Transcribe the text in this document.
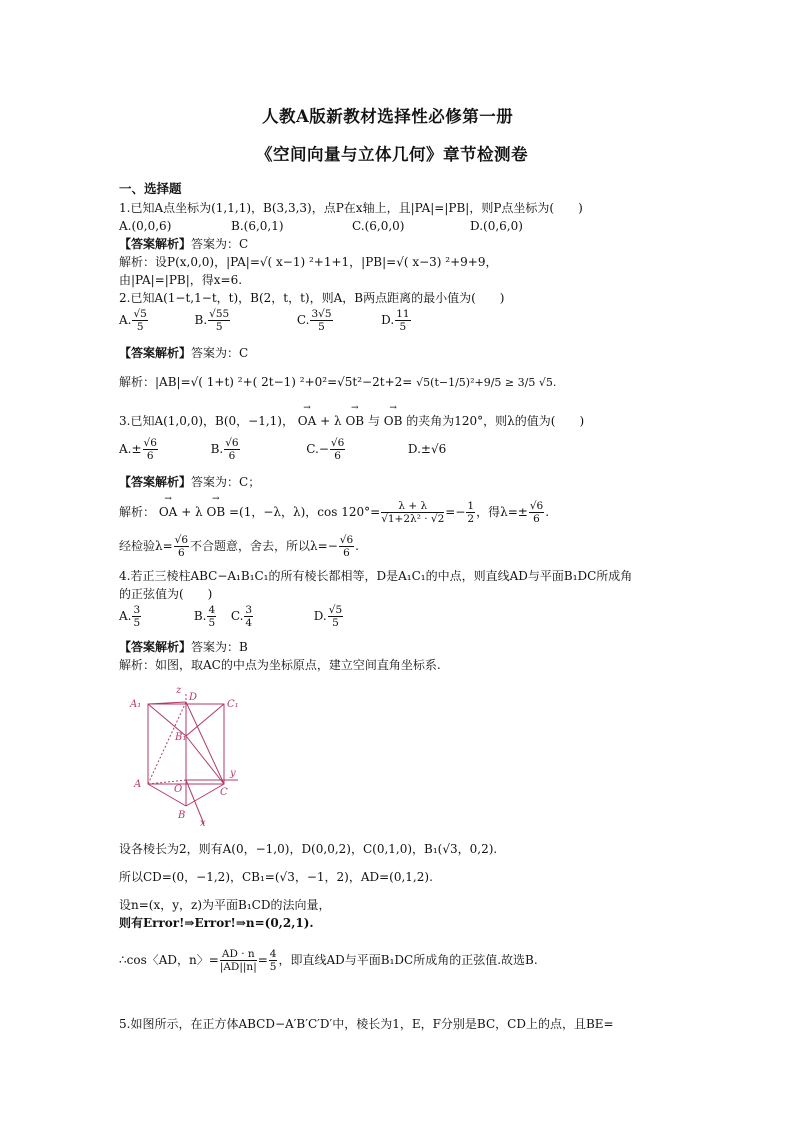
人教A版新教材选择性必修第一册
《空间向量与立体几何》章节检测卷
一、选择题
1.已知A点坐标为(1,1,1)，B(3,3,3)，点P在x轴上，且|PA|=|PB|，则P点坐标为(　　)
A.(0,0,6)	B.(6,0,1)	C.(6,0,0)	D.(0,6,0)
【答案解析】答案为：C
解析：设P(x,0,0)，|PA|=√( x−1) ²+1+1，|PB|=√( x−3) ²+9+9，
由|PA|=|PB|，得x=6.
2.已知A(1−t,1−t，t)，B(2，t，t)，则A，B两点距离的最小值为(　　)
A. $\frac{√5}{5}$	B. $\frac{√55}{5}$	C. $\frac{3√5}{5}$	D. $\frac{11}{5}$
【答案解析】答案为：C
解析：|AB|=√( 1+t) ²+( 2t−1) ²+0²=√5t²−2t+2= √5(t−1/5)²+9/5 ≥ 3/5 √5.
3.已知A(1,0,0)，B(0，−1,1)， → OA + λ → OB 与 → OB 的夹角为120°，则λ的值为(　　)
$A.\pm \frac{√6}{6}$	B. $\frac{√6}{6}$	$C.- \frac{√6}{6}$	D.±√6
【答案解析】答案为：C；
解析： → OA + λ → OB =(1，−λ，λ)，$\cos 120^\circ= \frac{\lambda + \lambda}{\text{√1+2λ² · √2}} =- \frac{1}{2}$ ，得$\lambda=\pm \frac{√6}{6}$ .
经检验$\lambda= \frac{√6}{6}$ 不合题意，舍去，所以$\lambda=- \frac{√6}{6}$ .
4.若正三棱柱ABC−A₁B₁C₁的所有棱长都相等，D是A₁C₁的中点，则直线AD与平面B₁DC所成角
的正弦值为(　　)
A. $\frac{3}{5}$	B. $\frac{4}{5} C$. $\frac{3}{4}$	D. $\frac{√5}{5}$
【答案解析】答案为：B
解析：如图，取AC的中点为坐标原点，建立空间直角坐标系.
z
D
C₁
A₁
B₁
y
A	O	C
B
x
设各棱长为2，则有A(0，−1,0)，D(0,0,2)，C(0,1,0)，B₁(√3，0,2).
所以CD=(0，−1,2)，CB₁=(√3，−1，2)，AD=(0,1,2).
设n=(x，y，z)为平面B₁CD的法向量，
则有Error!⇒Error!⇒n=(0,2,1).
∴cos〈AD，n〉= $\frac{AD \cdot n}{|AD||n|} = \frac{4}{5}$ ，即直线AD与平面B₁DC所成角的正弦值.故选B.
5.如图所示，在正方体ABCD−A′B′C′D′中，棱长为1，E，F分别是BC，CD上的点，且BE=
